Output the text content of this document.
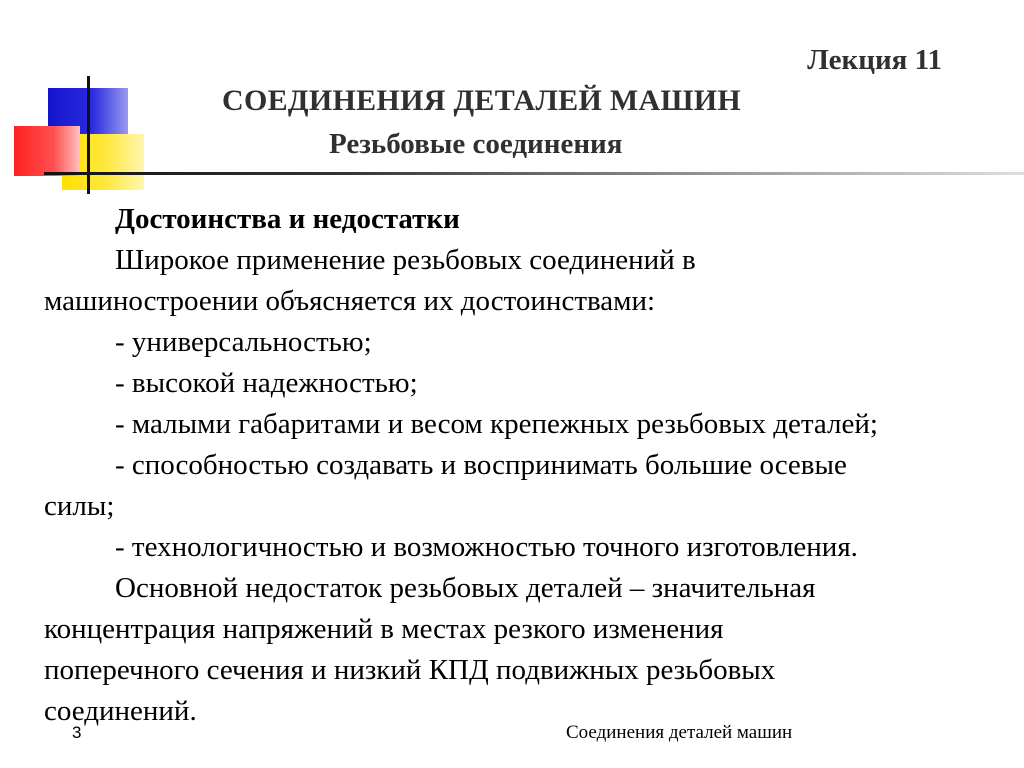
Лекция 11
СОЕДИНЕНИЯ ДЕТАЛЕЙ МАШИН
Резьбовые соединения
Достоинства и недостатки
Широкое применение резьбовых соединений в
машиностроении объясняется их достоинствами:
- универсальностью;
- высокой надежностью;
- малыми габаритами и весом крепежных резьбовых деталей;
- способностью создавать и воспринимать большие осевые
силы;
- технологичностью и возможностью точного изготовления.
Основной недостаток резьбовых деталей – значительная
концентрация напряжений в местах резкого изменения
поперечного сечения и низкий КПД подвижных резьбовых
соединений.
3	Соединения деталей машин
